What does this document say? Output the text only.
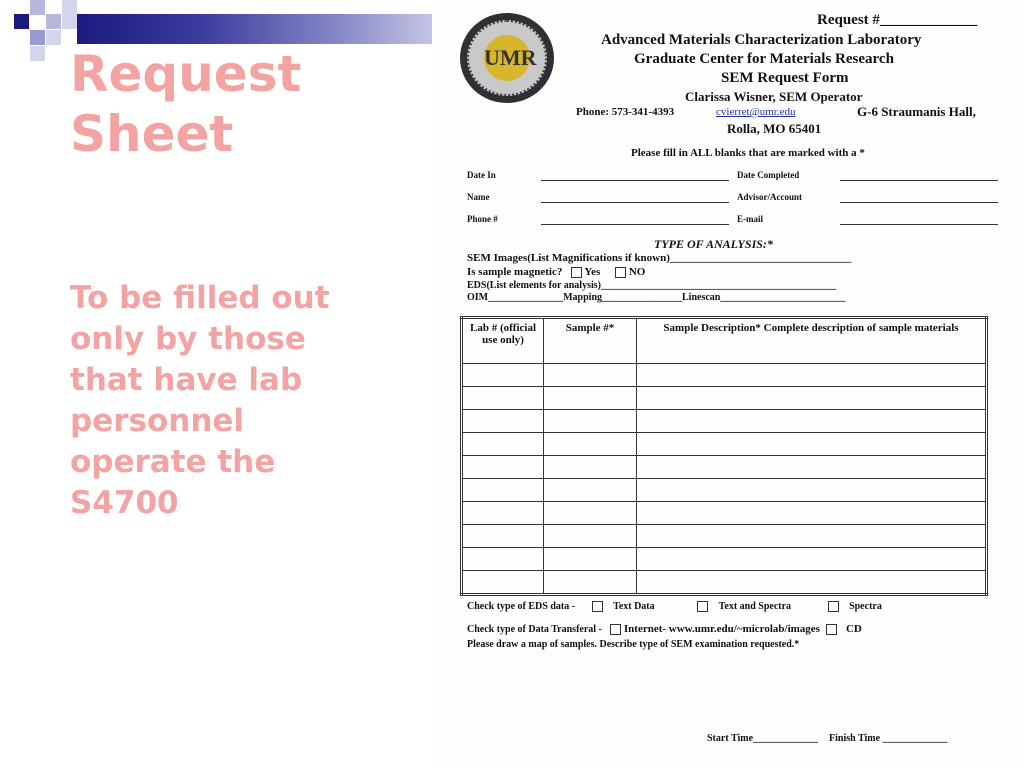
Request
Sheet
To be filled out only by those that have lab personnel operate the S4700
UMR
Request #_____________
Advanced Materials Characterization Laboratory
Graduate Center for Materials Research
SEM Request Form
Clarissa Wisner, SEM Operator
Phone: 573-341-4393	cvierret@umr.edu	G-6 Straumanis Hall,
Rolla, MO 65401
Please fill in ALL blanks that are marked with a *
Date In	Date Completed
Name	Advisor/Account
Phone #	E-mail
TYPE OF ANALYSIS:*
SEM Images(List Magnifications if known)_________________________________
Is sample magnetic? Yes	NO
EDS(List elements for analysis)_______________________________________________
OIM_______________Mapping________________Linescan_________________________
Lab # (official use only)	Sample #*	Sample Description* Complete description of sample materials

Check type of EDS data -	Text Data	Text and Spectra	Spectra
Check type of Data Transferal - Internet- www.umr.edu/~microlab/images CD
Please draw a map of samples. Describe type of SEM examination requested.*
Start Time_____________ Finish Time _____________
